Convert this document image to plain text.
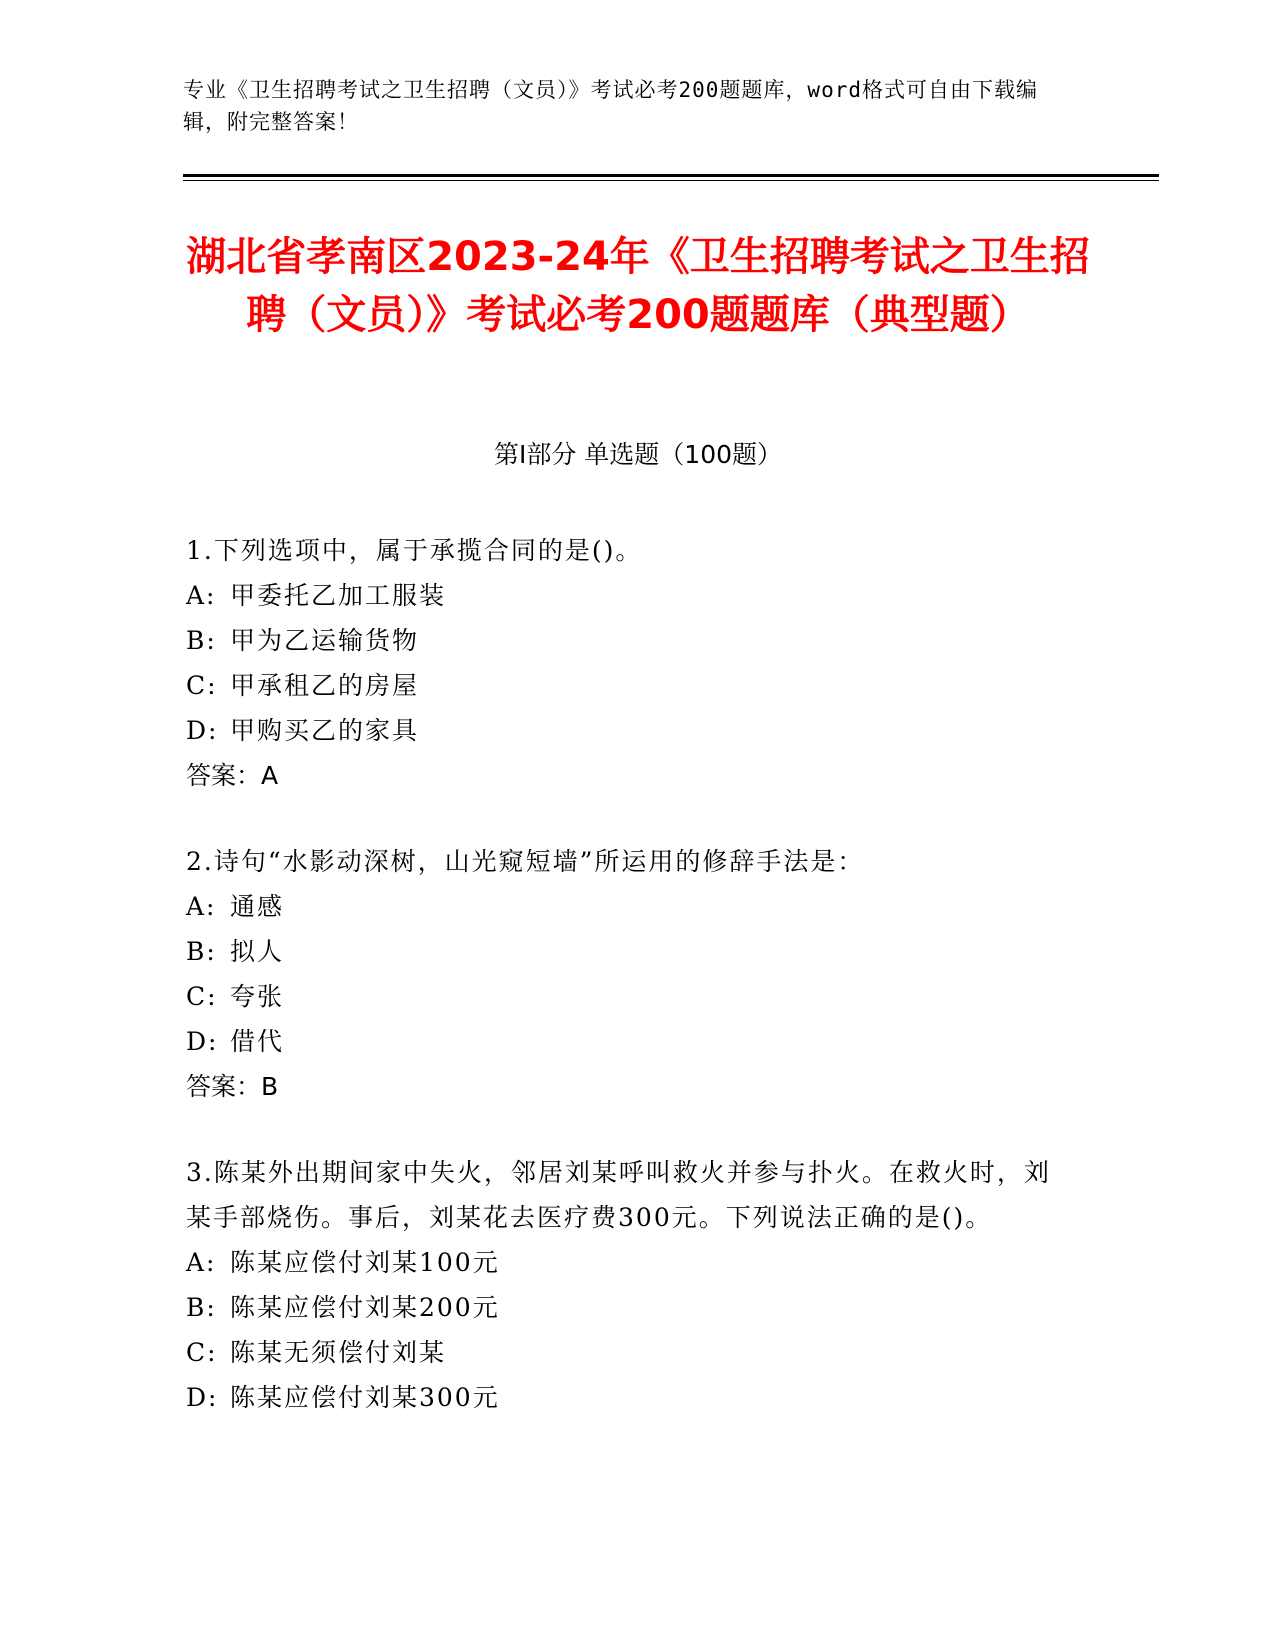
专业《卫生招聘考试之卫生招聘（文员）》考试必考200题题库，word格式可自由下载编辑，附完整答案！
湖北省孝南区2023-24年《卫生招聘考试之卫生招聘（文员）》考试必考200题题库（典型题）
第I部分 单选题（100题）
1.下列选项中，属于承揽合同的是()。
A: 甲委托乙加工服装
B: 甲为乙运输货物
C: 甲承租乙的房屋
D: 甲购买乙的家具
答案：A
2.诗句“水影动深树，山光窥短墙”所运用的修辞手法是：
A: 通感
B: 拟人
C: 夸张
D: 借代
答案：B
3.陈某外出期间家中失火，邻居刘某呼叫救火并参与扑火。在救火时，刘某手部烧伤。事后，刘某花去医疗费300元。下列说法正确的是()。
A: 陈某应偿付刘某100元
B: 陈某应偿付刘某200元
C: 陈某无须偿付刘某
D: 陈某应偿付刘某300元
